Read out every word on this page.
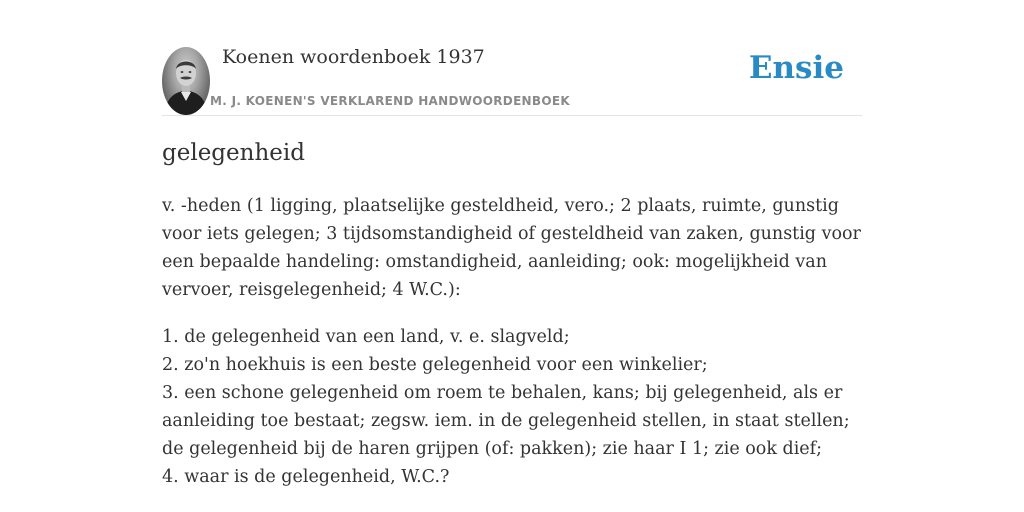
Koenen woordenboek 1937
M. J. KOENEN'S VERKLAREND HANDWOORDENBOEK
Ensie
gelegenheid

v. -heden (1 ligging, plaatselijke gesteldheid, vero.; 2 plaats, ruimte, gunstig voor iets gelegen; 3 tijdsomstandigheid of gesteldheid van zaken, gunstig voor een bepaalde handeling: omstandigheid, aanleiding; ook: mogelijkheid van vervoer, reisgelegenheid; 4 W.C.):

1. de gelegenheid van een land, v. e. slagveld;
2. zo'n hoekhuis is een beste gelegenheid voor een winkelier;
3. een schone gelegenheid om roem te behalen, kans; bij gelegenheid, als er aanleiding toe bestaat; zegsw. iem. in de gelegenheid stellen, in staat stellen; de gelegenheid bij de haren grijpen (of: pakken); zie haar I 1; zie ook dief;
4. waar is de gelegenheid, W.C.?
